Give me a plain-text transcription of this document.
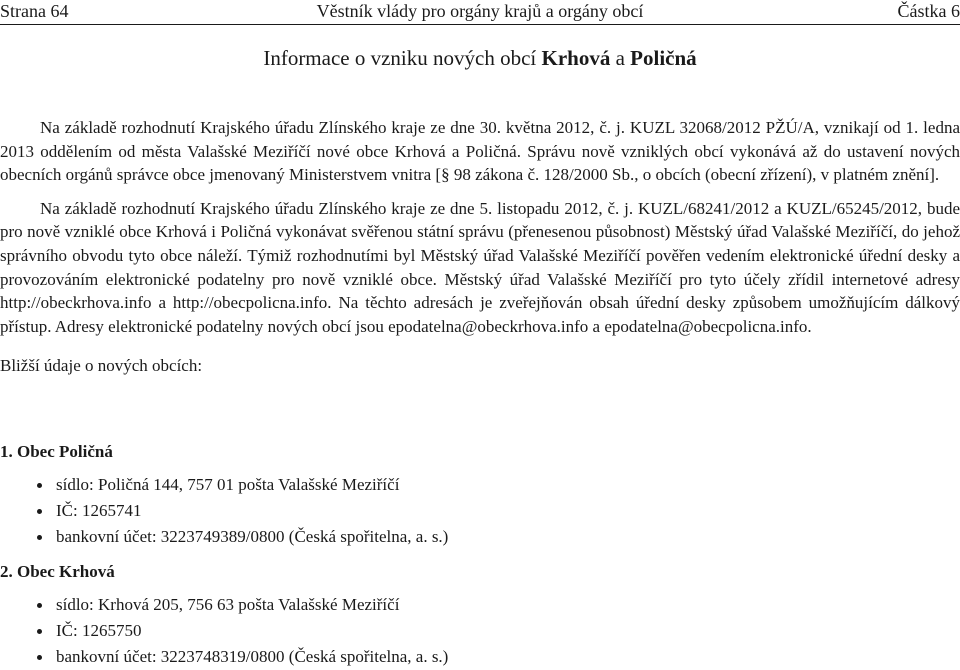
Strana 64	Věstník vlády pro orgány krajů a orgány obcí	Částka 6
Informace o vzniku nových obcí Krhová a Poličná

Na základě rozhodnutí Krajského úřadu Zlínského kraje ze dne 30. května 2012, č. j. KUZL 32068/2012 PŽÚ/A, vznikají od 1. ledna 2013 oddělením od města Valašské Meziříčí nové obce Krhová a Poličná. Správu nově vzniklých obcí vykonává až do ustavení nových obecních orgánů správce obce jmenovaný Ministerstvem vnitra [§ 98 zákona č. 128/2000 Sb., o obcích (obecní zřízení), v platném znění].

Na základě rozhodnutí Krajského úřadu Zlínského kraje ze dne 5. listopadu 2012, č. j. KUZL/68241/2012 a KUZL/65245/2012, bude pro nově vzniklé obce Krhová i Poličná vykonávat svěřenou státní správu (přenesenou působnost) Městský úřad Valašské Meziříčí, do jehož správního obvodu tyto obce náleží. Týmiž rozhodnutími byl Městský úřad Valašské Meziříčí pověřen vedením elektronické úřední desky a provozováním elektronické podatelny pro nově vzniklé obce. Městský úřad Valašské Meziříčí pro tyto účely zřídil internetové adresy http://obeckrhova.info a http://obecpolicna.info. Na těchto adresách je zveřejňován obsah úřední desky způsobem umožňujícím dálkový přístup. Adresy elektronické podatelny nových obcí jsou epodatelna@obeckrhova.info a epodatelna@obecpolicna.info.

Bližší údaje o nových obcích:

1. Obec Poličná
sídlo: Poličná 144, 757 01 pošta Valašské Meziříčí
IČ: 1265741
bankovní účet: 3223749389/0800 (Česká spořitelna, a. s.)
2. Obec Krhová
sídlo: Krhová 205, 756 63 pošta Valašské Meziříčí
IČ: 1265750
bankovní účet: 3223748319/0800 (Česká spořitelna, a. s.)
